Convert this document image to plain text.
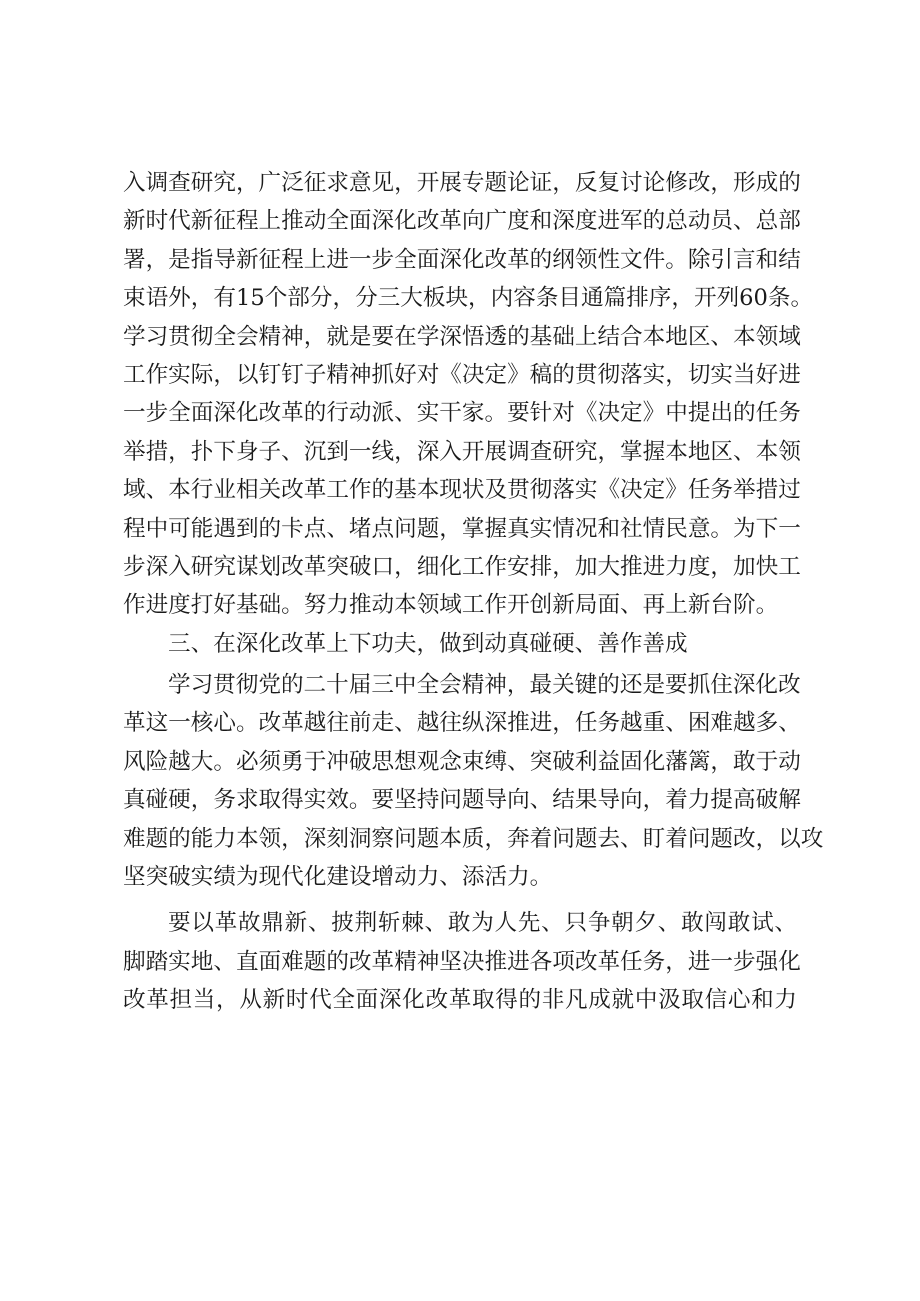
入调查研究，广泛征求意见，开展专题论证，反复讨论修改，形成的
新时代新征程上推动全面深化改革向广度和深度进军的总动员、总部
署，是指导新征程上进一步全面深化改革的纲领性文件。除引言和结
束语外，有15个部分，分三大板块，内容条目通篇排序，开列60条。
学习贯彻全会精神，就是要在学深悟透的基础上结合本地区、本领域
工作实际，以钉钉子精神抓好对《决定》稿的贯彻落实，切实当好进
一步全面深化改革的行动派、实干家。要针对《决定》中提出的任务
举措，扑下身子、沉到一线，深入开展调查研究，掌握本地区、本领
域、本行业相关改革工作的基本现状及贯彻落实《决定》任务举措过
程中可能遇到的卡点、堵点问题，掌握真实情况和社情民意。为下一
步深入研究谋划改革突破口，细化工作安排，加大推进力度，加快工
作进度打好基础。努力推动本领域工作开创新局面、再上新台阶。
三、在深化改革上下功夫，做到动真碰硬、善作善成
学习贯彻党的二十届三中全会精神，最关键的还是要抓住深化改
革这一核心。改革越往前走、越往纵深推进，任务越重、困难越多、
风险越大。必须勇于冲破思想观念束缚、突破利益固化藩篱，敢于动
真碰硬，务求取得实效。要坚持问题导向、结果导向，着力提高破解
难题的能力本领，深刻洞察问题本质，奔着问题去、盯着问题改，以攻
坚突破实绩为现代化建设增动力、添活力。
要以革故鼎新、披荆斩棘、敢为人先、只争朝夕、敢闯敢试、
脚踏实地、直面难题的改革精神坚决推进各项改革任务，进一步强化
改革担当，从新时代全面深化改革取得的非凡成就中汲取信心和力
